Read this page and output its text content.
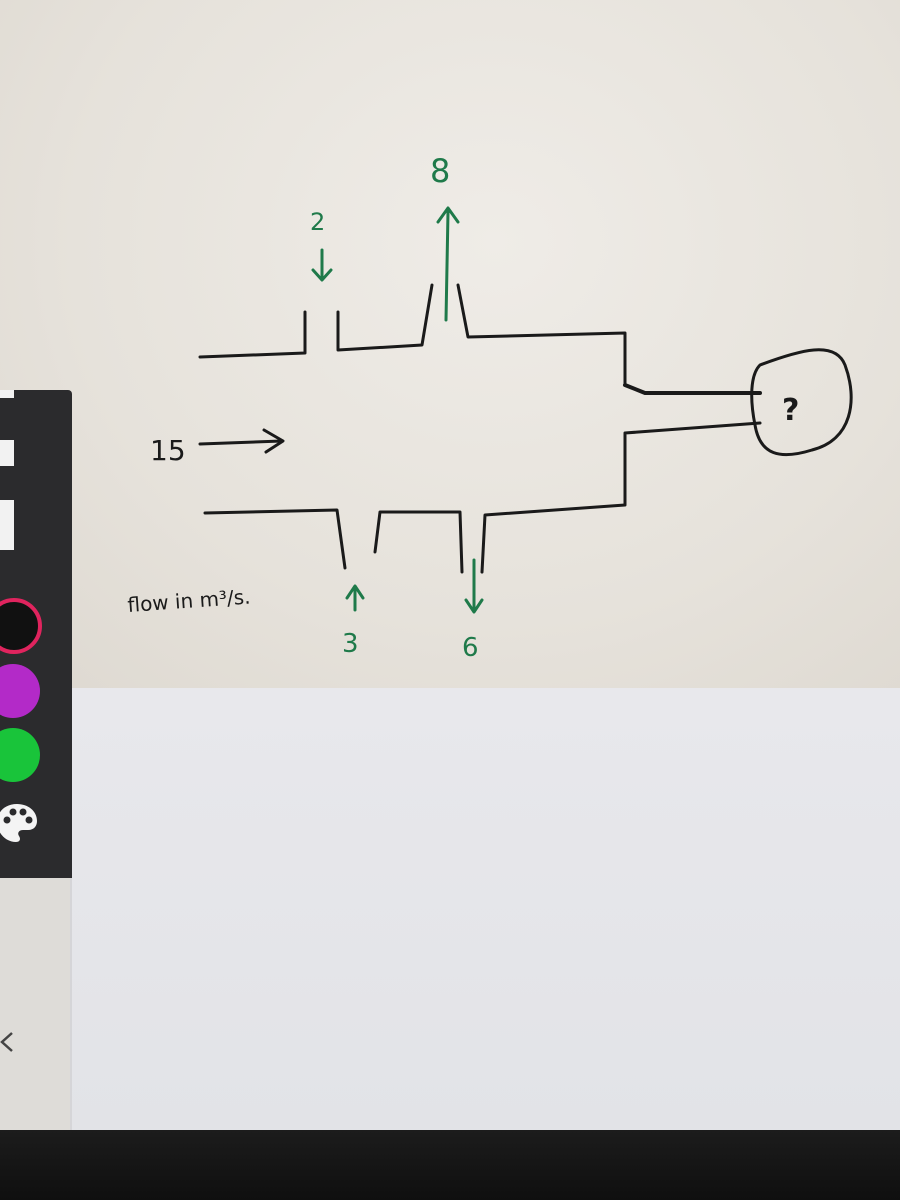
15
2
8
3	6
?
flow in m³/s.
